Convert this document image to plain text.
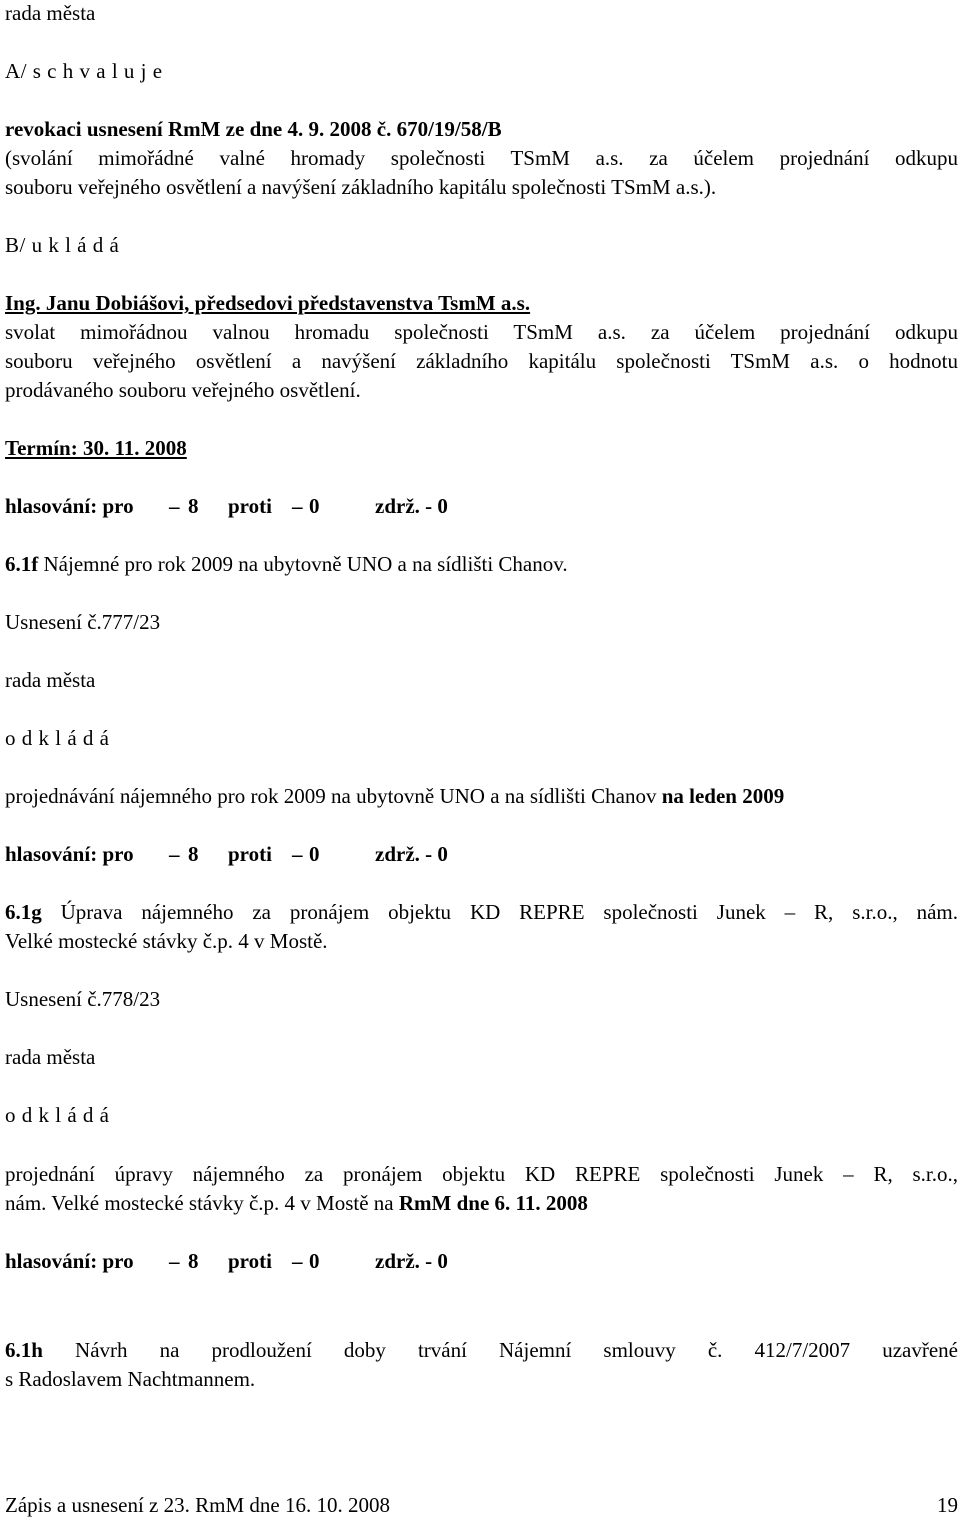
rada města
A/ s c h v a l u j e
revokaci usnesení RmM ze dne 4. 9. 2008 č. 670/19/58/B
(svolání mimořádné valné hromady společnosti TSmM a.s. za účelem projednání odkupu
souboru veřejného osvětlení a navýšení základního kapitálu společnosti TSmM a.s.).
B/ u k l á d á
Ing. Janu Dobiášovi, předsedovi představenstva TsmM a.s.
svolat mimořádnou valnou hromadu společnosti TSmM a.s. za účelem projednání odkupu
souboru veřejného osvětlení a navýšení základního kapitálu společnosti TSmM a.s. o hodnotu
prodávaného souboru veřejného osvětlení.
Termín: 30. 11. 2008
hlasování: pro – 8 proti – 0	zdrž. - 0
6.1f Nájemné pro rok 2009 na ubytovně UNO a na sídlišti Chanov.
Usnesení č.777/23
rada města
o d k l á d á
projednávání nájemného pro rok 2009 na ubytovně UNO a na sídlišti Chanov na leden 2009
hlasování: pro – 8 proti – 0	zdrž. - 0
6.1g Úprava nájemného za pronájem objektu KD REPRE společnosti Junek – R, s.r.o., nám.
Velké mostecké stávky č.p. 4 v Mostě.
Usnesení č.778/23
rada města
o d k l á d á
projednání úpravy nájemného za pronájem objektu KD REPRE společnosti Junek – R, s.r.o.,
nám. Velké mostecké stávky č.p. 4 v Mostě na RmM dne 6. 11. 2008
hlasování: pro – 8 proti – 0	zdrž. - 0
6.1h Návrh na prodloužení doby trvání Nájemní smlouvy č. 412/7/2007 uzavřené
s Radoslavem Nachtmannem.
Zápis a usnesení z 23. RmM dne 16. 10. 2008	19
